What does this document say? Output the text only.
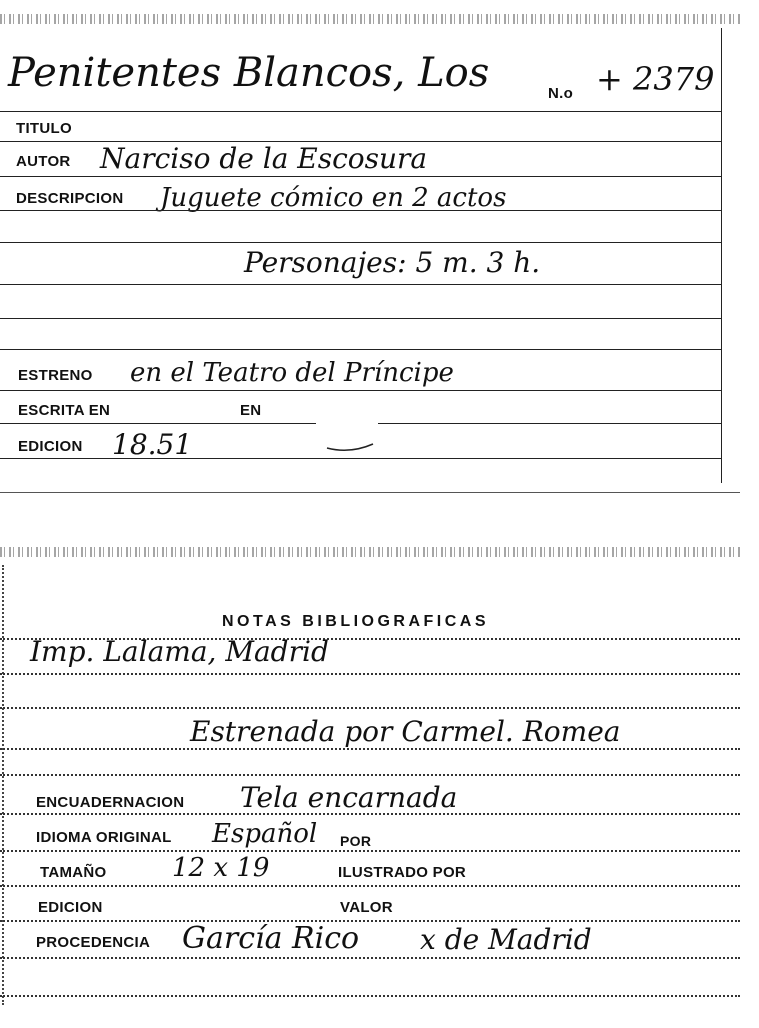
Penitentes Blancos, Los	N.o + 2379
TITULO
AUTOR Narciso de la Escosura
DESCRIPCION Juguete cómico en 2 actos
Personajes: 5 m. 3 h.
ESTRENO en el Teatro del Príncipe
ESCRITA EN	EN
EDICION 18.51
NOTAS BIBLIOGRAFICAS
Imp. Lalama, Madrid
Estrenada por Carmel. Romea
ENCUADERNACION Tela encarnada
IDIOMA ORIGINAL Español POR
TAMAÑO	12 x 19	ILUSTRADO POR
EDICION	VALOR
PROCEDENCIA García Rico x de Madrid
